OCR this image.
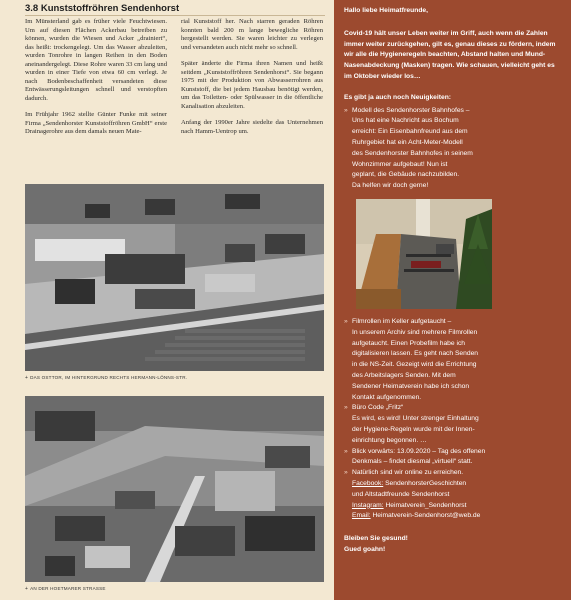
3.8 Kunststoffröhren Sendenhorst

Im Münsterland gab es früher viele Feuchtwiesen. Um auf diesen Flächen Ackerbau betreiben zu können, wurden die Wiesen und Acker „drainiert“, das heißt: trockengelegt. Um das Wasser abzuleiten, wurden Tonrohre in langen Reihen in den Boden aneinandergelegt. Diese Rohre waren 33 cm lang und wurden in einer Tiefe von etwa 60 cm verlegt. Je nach Bodenbeschaffenheit versandeten diese Entwässerungsleitungen schnell und verstopften dadurch.

Im Frühjahr 1962 stellte Günter Funke mit seiner Firma „Sendenhorster Kunststoffröhren GmbH“ erste Drainagerohre aus dem damals neuen Mate-

rial Kunststoff her. Nach starren geraden Röhren konnten bald 200 m lange bewegliche Röhren hergestellt werden. Sie waren leichter zu verlegen und versandeten auch nicht mehr so schnell.

Später änderte die Firma ihren Namen und heißt seitdem „Kunststoffröhren Sendenhorst“. Sie begann 1975 mit der Produktion von Abwasserrohren aus Kunststoff, die bei jedem Hausbau benötigt werden, um das Toiletten- oder Spülwasser in die öffentliche Kanalisation abzuleiten.

Anfang der 1990er Jahre siedelte das Unternehmen nach Hamm-Uentrop um.

+ DAS OSTTOR, IM HINTERGRUND RECHTS HERMANN-LÖNNS-STR.
+ AN DER HOETMARER STRASSE
Hallo liebe Heimatfreunde,
Covid-19 hält unser Leben weiter im Griff, auch wenn die Zahlen immer weiter zurückgehen, gilt es, genau dieses zu fördern, indem wir alle die Hygieneregeln beachten, Abstand halten und Mund-Nasenabdeckung (Masken) tragen. Wie schauen, vielleicht geht es im Oktober wieder los…
Es gibt ja auch noch Neuigkeiten:
» Modell des Sendenhorster Bahnhofes –
Uns hat eine Nachricht aus Bochum
erreicht: Ein Eisenbahnfreund aus dem
Ruhrgebiet hat ein Acht-Meter-Modell
des Sendenhorster Bahnhofes in seinem
Wohnzimmer aufgebaut! Nun ist
geplant, die Gebäude nachzubilden.
Da helfen wir doch gerne!
» Filmrollen im Keller aufgetaucht –
In unserem Archiv sind mehrere Filmrollen
aufgetaucht. Einen Probefilm habe ich
digitalisieren lassen. Es geht nach Senden
in die NS-Zeit. Gezeigt wird die Errichtung
des Arbeitslagers Senden. Mit dem
Sendener Heimatverein habe ich schon
Kontakt aufgenommen.
» Büro Code „Fritz“
Es wird, es wird! Unter strenger Einhaltung
der Hygiene-Regeln wurde mit der Innen-
einrichtung begonnen. …
» Blick vorwärts: 13.09.2020 – Tag des offenen
Denkmals – findet diesmal „virtuell“ statt.
» Natürlich sind wir online zu erreichen.
Facebook: SendenhorsterGeschichten
und Altstadtfreunde Sendenhorst
Instagram: Heimatverein_Sendenhorst
Email: Heimatverein-Sendenhorst@web.de
Bleiben Sie gesund!
Gued goahn!
